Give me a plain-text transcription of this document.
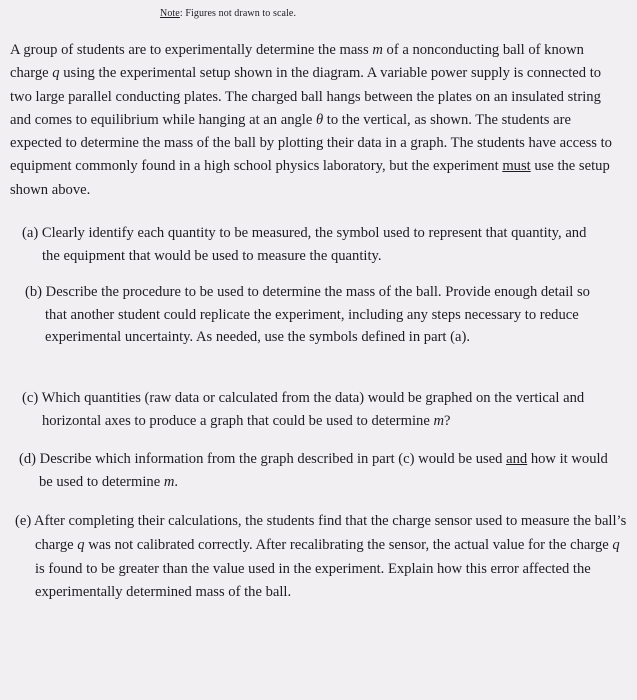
Note: Figures not drawn to scale.

A group of students are to experimentally determine the mass m of a nonconducting ball of known charge q using the experimental setup shown in the diagram. A variable power supply is connected to two large parallel conducting plates. The charged ball hangs between the plates on an insulated string and comes to equilibrium while hanging at an angle θ to the vertical, as shown. The students are expected to determine the mass of the ball by plotting their data in a graph. The students have access to equipment commonly found in a high school physics laboratory, but the experiment must use the setup shown above.

(a) Clearly identify each quantity to be measured, the symbol used to represent that quantity, and the equipment that would be used to measure the quantity.

(b) Describe the procedure to be used to determine the mass of the ball. Provide enough detail so that another student could replicate the experiment, including any steps necessary to reduce experimental uncertainty. As needed, use the symbols defined in part (a).

(c) Which quantities (raw data or calculated from the data) would be graphed on the vertical and horizontal axes to produce a graph that could be used to determine m?

(d) Describe which information from the graph described in part (c) would be used and how it would be used to determine m.

(e) After completing their calculations, the students find that the charge sensor used to measure the ball’s charge q was not calibrated correctly. After recalibrating the sensor, the actual value for the charge q is found to be greater than the value used in the experiment. Explain how this error affected the experimentally determined mass of the ball.
